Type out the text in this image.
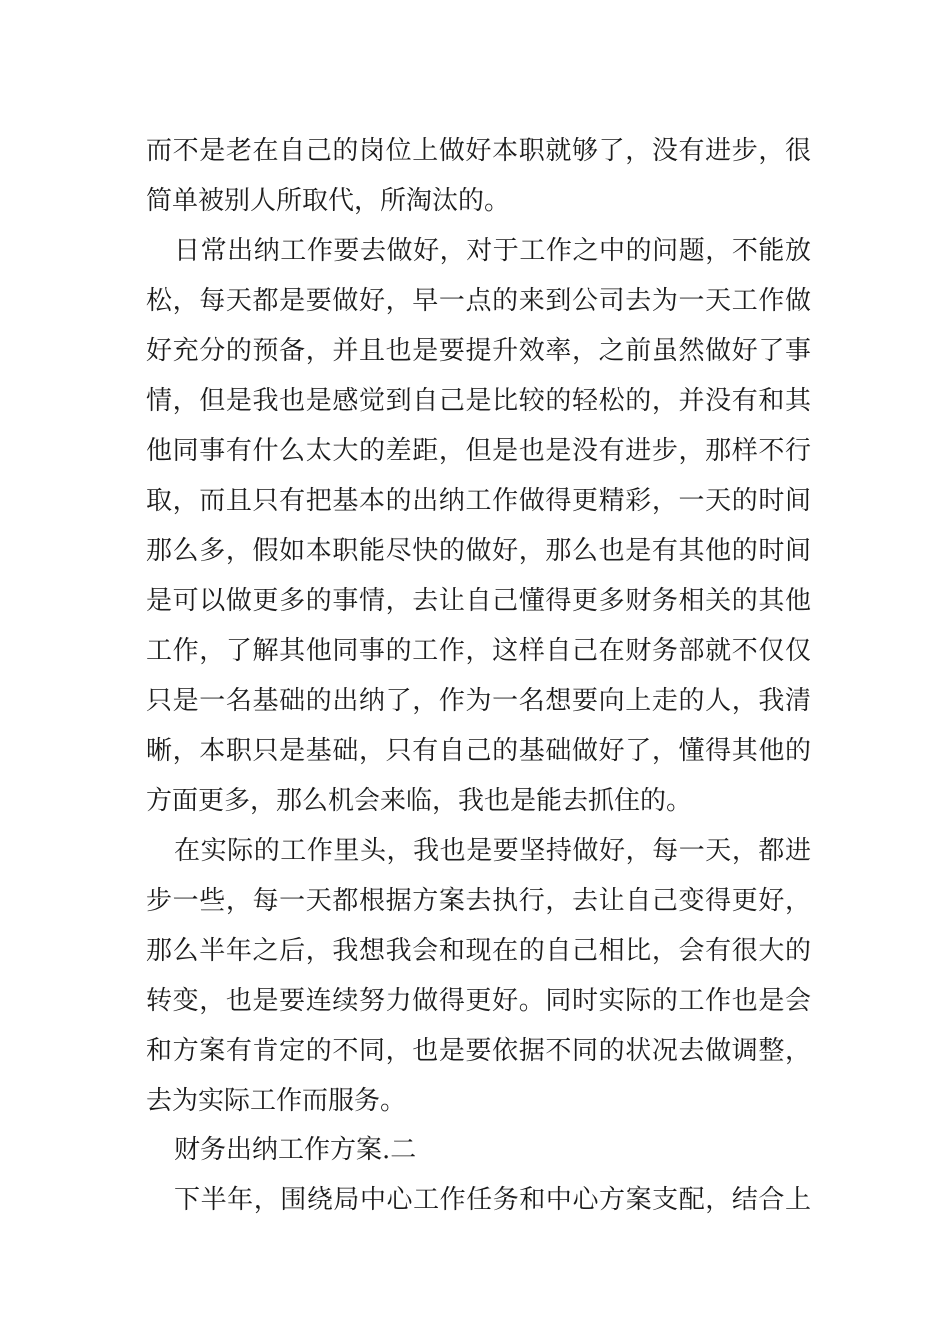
而不是老在自己的岗位上做好本职就够了，没有进步，很
简单被别人所取代，所淘汰的。
日常出纳工作要去做好，对于工作之中的问题，不能放
松，每天都是要做好，早一点的来到公司去为一天工作做
好充分的预备，并且也是要提升效率，之前虽然做好了事
情，但是我也是感觉到自己是比较的轻松的，并没有和其
他同事有什么太大的差距，但是也是没有进步，那样不行
取，而且只有把基本的出纳工作做得更精彩，一天的时间
那么多，假如本职能尽快的做好，那么也是有其他的时间
是可以做更多的事情，去让自己懂得更多财务相关的其他
工作，了解其他同事的工作，这样自己在财务部就不仅仅
只是一名基础的出纳了，作为一名想要向上走的人，我清
晰，本职只是基础，只有自己的基础做好了，懂得其他的
方面更多，那么机会来临，我也是能去抓住的。
在实际的工作里头，我也是要坚持做好，每一天，都进
步一些，每一天都根据方案去执行，去让自己变得更好，
那么半年之后，我想我会和现在的自己相比，会有很大的
转变，也是要连续努力做得更好。同时实际的工作也是会
和方案有肯定的不同，也是要依据不同的状况去做调整，
去为实际工作而服务。
财务出纳工作方案.二
下半年，围绕局中心工作任务和中心方案支配，结合上
